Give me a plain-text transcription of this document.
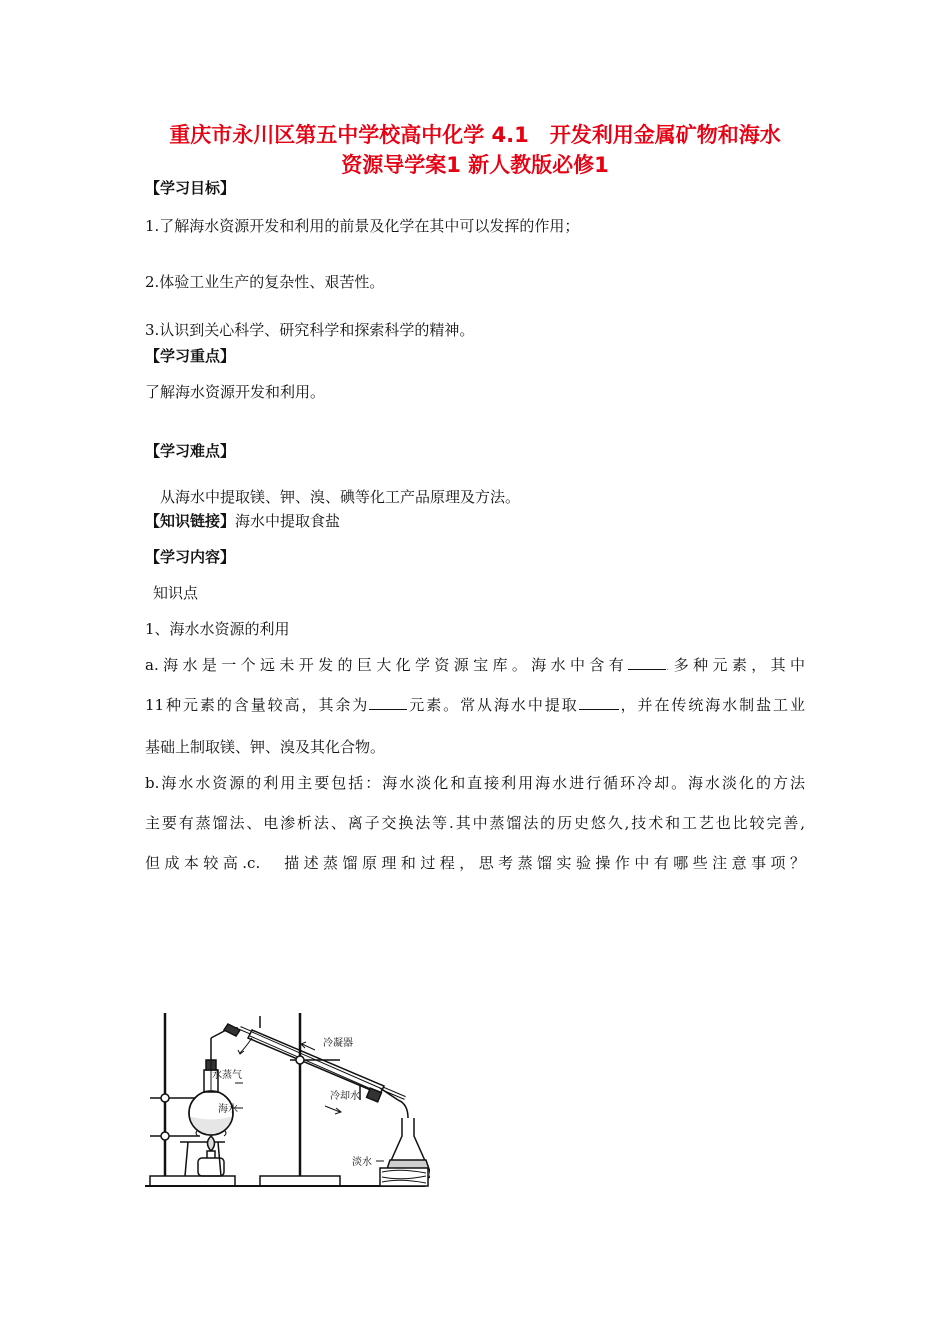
重庆市永川区第五中学校高中化学 4.1　开发利用金属矿物和海水
资源导学案1 新人教版必修1
【学习目标】
1.了解海水资源开发和利用的前景及化学在其中可以发挥的作用；
2.体验工业生产的复杂性、艰苦性。
3.认识到关心科学、研究科学和探索科学的精神。
【学习重点】
了解海水资源开发和利用。
【学习难点】
从海水中提取镁、钾、溴、碘等化工产品原理及方法。
【知识链接】海水中提取食盐
【学习内容】
知识点
1、海水水资源的利用
a.海水是一个远未开发的巨大化学资源宝库。海水中含有	.多种元素，其中
11种元素的含量较高，其余为	元素。常从海水中提取	，并在传统海水制盐工业
基础上制取镁、钾、溴及其化合物。
b.海水水资源的利用主要包括：海水淡化和直接利用海水进行循环冷却。海水淡化的方法
主要有蒸馏法、电渗析法、离子交换法等.其中蒸馏法的历史悠久,技术和工艺也比较完善,
但成本较高.c.　描述蒸馏原理和过程，思考蒸馏实验操作中有哪些注意事项？
水蒸气
海水
冷凝器
冷却水
淡水
